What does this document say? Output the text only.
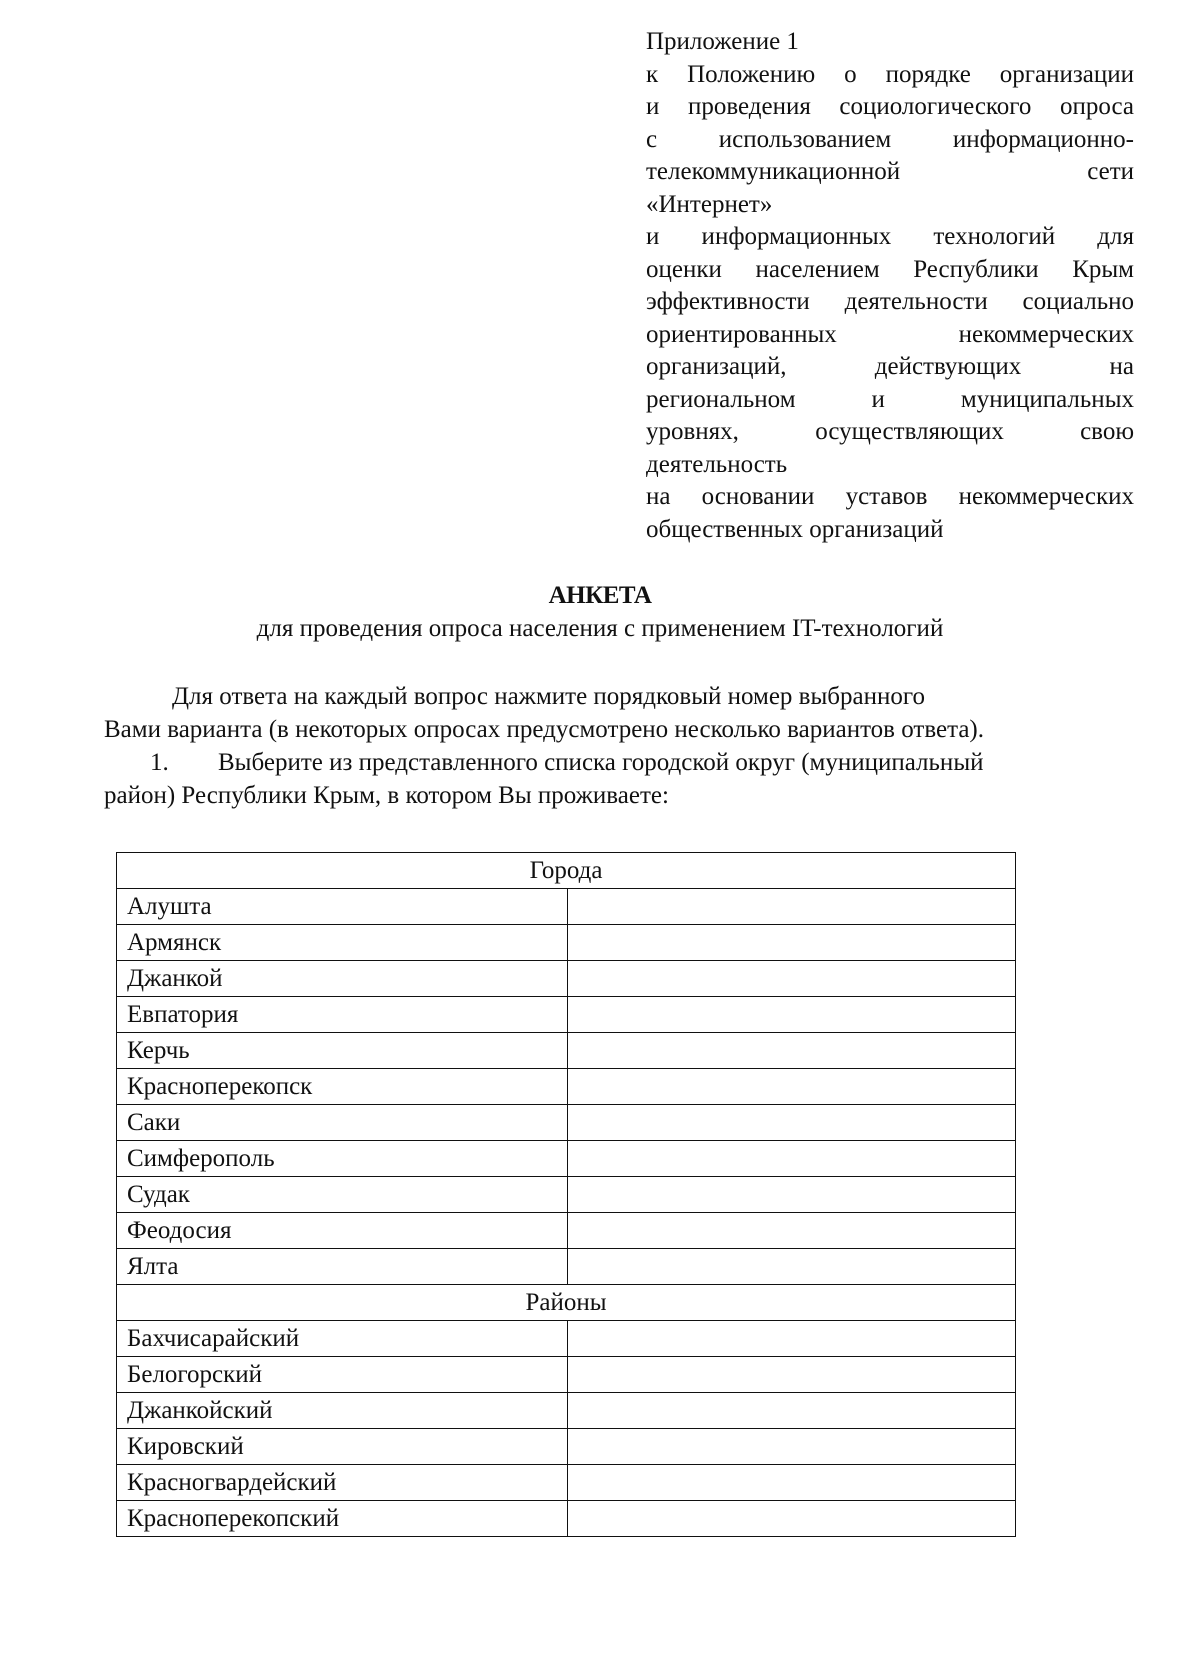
Приложение 1
к Положению о порядке организации
и проведения социологического опроса
с использованием информационно-
телекоммуникационной сети
«Интернет»
и информационных технологий для
оценки населением Республики Крым
эффективности деятельности социально
ориентированных некоммерческих
организаций, действующих на
региональном и муниципальных
уровнях, осуществляющих свою
деятельность
на основании уставов некоммерческих
общественных организаций
АНКЕТА
для проведения опроса населения с применением IT-технологий
Для ответа на каждый вопрос нажмите порядковый номер выбранного
Вами варианта (в некоторых опросах предусмотрено несколько вариантов ответа).
1. Выберите из представленного списка городской округ (муниципальный
район) Республики Крым, в котором Вы проживаете:
Города	
Алушта	
Армянск	
Джанкой	
Евпатория	
Керчь	
Красноперекопск	
Саки	
Симферополь	
Судак	
Феодосия	
Ялта	
Районы	
Бахчисарайский	
Белогорский	
Джанкойский	
Кировский	
Красногвардейский	
Красноперекопский	
